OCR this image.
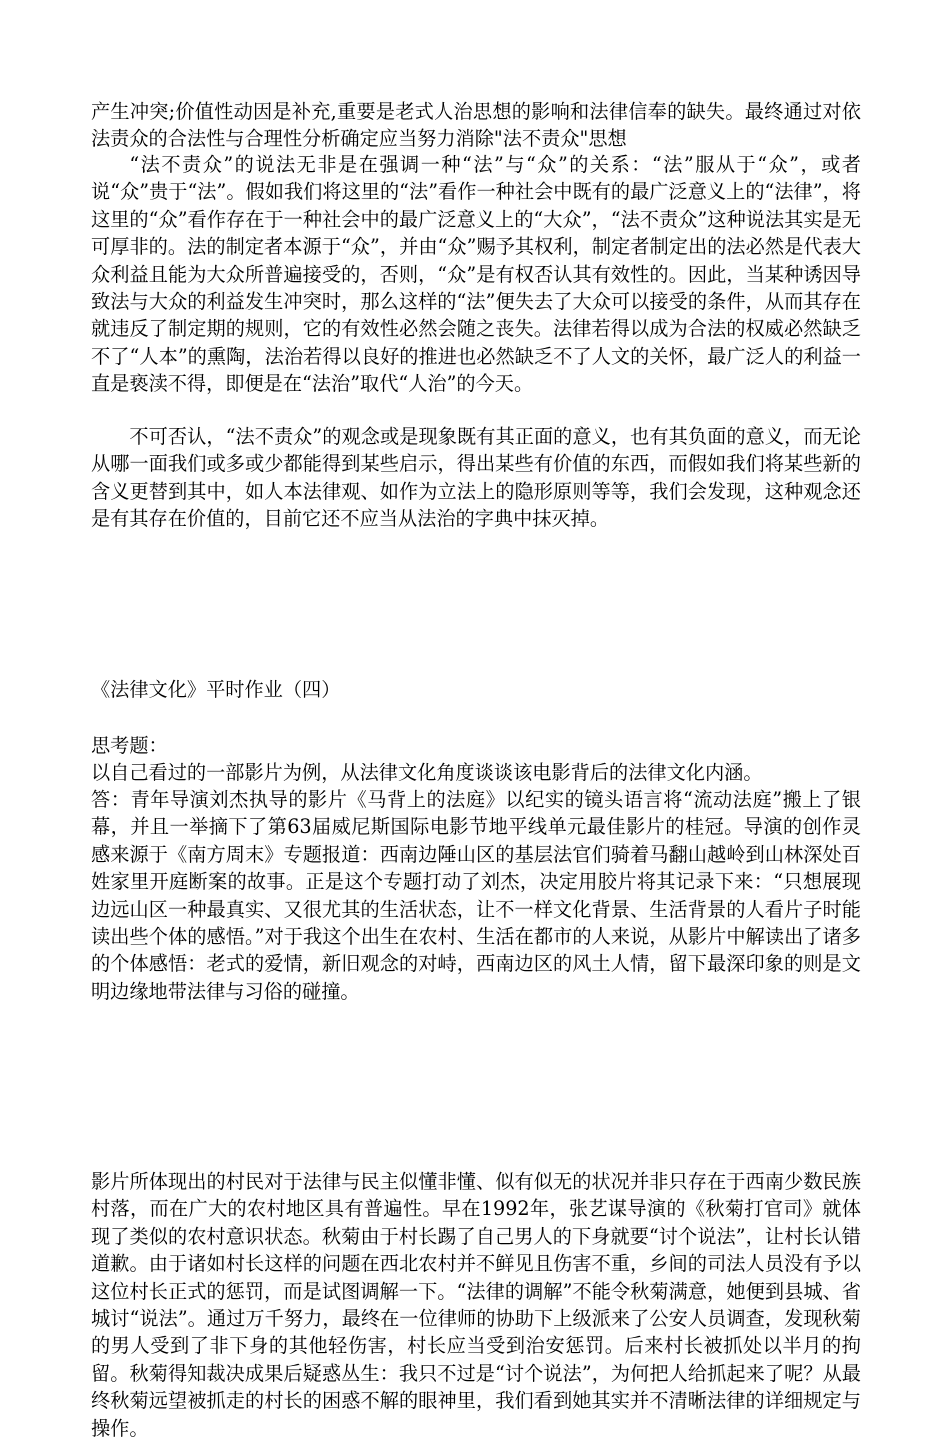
产生冲突;价值性动因是补充,重要是老式人治思想的影响和法律信奉的缺失。最终通过对依法责众的合法性与合理性分析确定应当努力消除"法不责众"思想

“法不责众”的说法无非是在强调一种“法”与“众”的关系：“法”服从于“众”，或者说“众”贵于“法”。假如我们将这里的“法”看作一种社会中既有的最广泛意义上的“法律”，将这里的“众”看作存在于一种社会中的最广泛意义上的“大众”，“法不责众”这种说法其实是无可厚非的。法的制定者本源于“众”，并由“众”赐予其权利，制定者制定出的法必然是代表大众利益且能为大众所普遍接受的，否则，“众”是有权否认其有效性的。因此，当某种诱因导致法与大众的利益发生冲突时，那么这样的“法”便失去了大众可以接受的条件，从而其存在就违反了制定期的规则，它的有效性必然会随之丧失。法律若得以成为合法的权威必然缺乏不了“人本”的熏陶，法治若得以良好的推进也必然缺乏不了人文的关怀，最广泛人的利益一直是亵渎不得，即便是在“法治”取代“人治”的今天。

不可否认，“法不责众”的观念或是现象既有其正面的意义，也有其负面的意义，而无论从哪一面我们或多或少都能得到某些启示，得出某些有价值的东西，而假如我们将某些新的含义更替到其中，如人本法律观、如作为立法上的隐形原则等等，我们会发现，这种观念还是有其存在价值的，目前它还不应当从法治的字典中抹灭掉。

《法律文化》平时作业（四）

思考题：

以自己看过的一部影片为例，从法律文化角度谈谈该电影背后的法律文化内涵。

答：青年导演刘杰执导的影片《马背上的法庭》以纪实的镜头语言将“流动法庭”搬上了银幕，并且一举摘下了第63届威尼斯国际电影节地平线单元最佳影片的桂冠。导演的创作灵感来源于《南方周末》专题报道：西南边陲山区的基层法官们骑着马翻山越岭到山林深处百姓家里开庭断案的故事。正是这个专题打动了刘杰，决定用胶片将其记录下来：“只想展现边远山区一种最真实、又很尤其的生活状态，让不一样文化背景、生活背景的人看片子时能读出些个体的感悟。”对于我这个出生在农村、生活在都市的人来说，从影片中解读出了诸多的个体感悟：老式的爱情，新旧观念的对峙，西南边区的风土人情，留下最深印象的则是文明边缘地带法律与习俗的碰撞。

影片所体现出的村民对于法律与民主似懂非懂、似有似无的状况并非只存在于西南少数民族村落，而在广大的农村地区具有普遍性。早在1992年，张艺谋导演的《秋菊打官司》就体现了类似的农村意识状态。秋菊由于村长踢了自己男人的下身就要“讨个说法”，让村长认错道歉。由于诸如村长这样的问题在西北农村并不鲜见且伤害不重，乡间的司法人员没有予以这位村长正式的惩罚，而是试图调解一下。“法律的调解”不能令秋菊满意，她便到县城、省城讨“说法”。通过万千努力，最终在一位律师的协助下上级派来了公安人员调查，发现秋菊的男人受到了非下身的其他轻伤害，村长应当受到治安惩罚。后来村长被抓处以半月的拘留。秋菊得知裁决成果后疑惑丛生：我只不过是“讨个说法”，为何把人给抓起来了呢？从最终秋菊远望被抓走的村长的困惑不解的眼神里，我们看到她其实并不清晰法律的详细规定与操作。
